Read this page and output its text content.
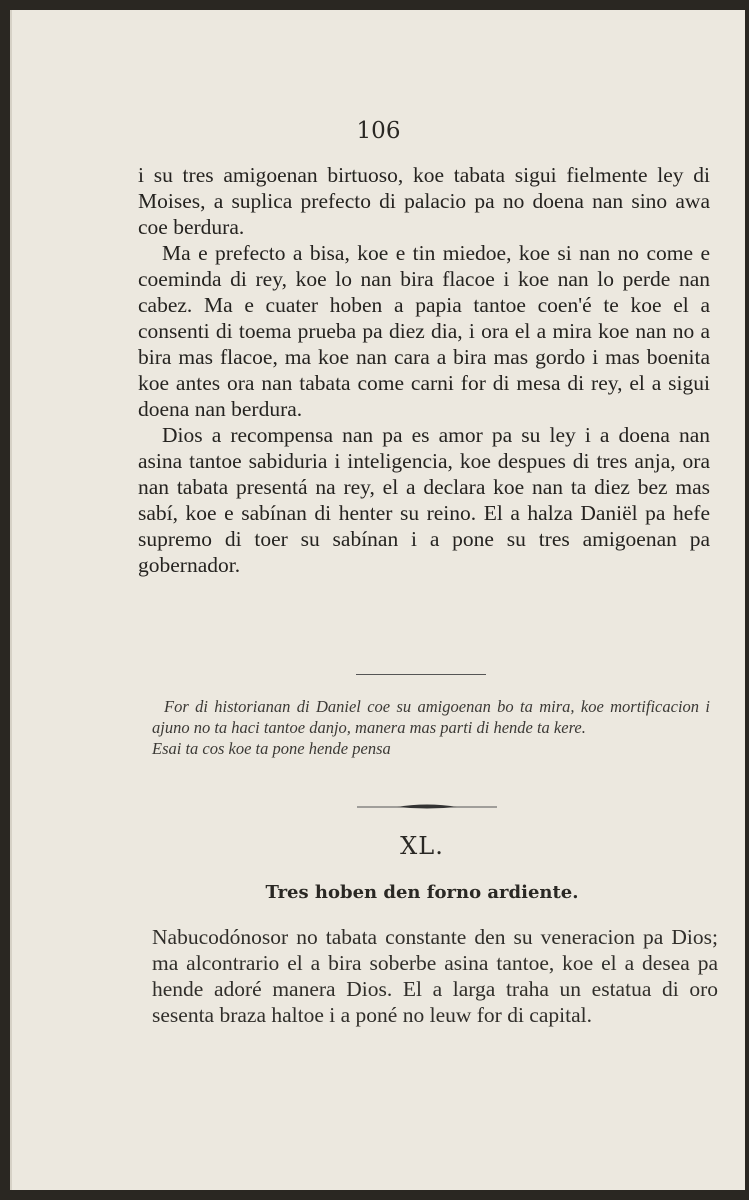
106

i su tres amigoenan birtuoso, koe tabata sigui fielmente ley di Moises, a suplica prefecto di palacio pa no doena nan sino awa coe berdura.

Ma e prefecto a bisa, koe e tin miedoe, koe si nan no come e coeminda di rey, koe lo nan bira flacoe i koe nan lo perde nan cabez. Ma e cuater hoben a papia tantoe coen'é te koe el a consenti di toema prueba pa diez dia, i ora el a mira koe nan no a bira mas flacoe, ma koe nan cara a bira mas gordo i mas boenita koe antes ora nan tabata come carni for di mesa di rey, el a sigui doena nan berdura.

Dios a recompensa nan pa es amor pa su ley i a doena nan asina tantoe sabiduria i inteligencia, koe despues di tres anja, ora nan tabata presentá na rey, el a declara koe nan ta diez bez mas sabí, koe e sabínan di henter su reino. El a halza Daniël pa hefe supremo di toer su sabínan i a pone su tres amigoenan pa gobernador.

For di historianan di Daniel coe su amigoenan bo ta mira, koe mortificacion i ajuno no ta haci tantoe danjo, manera mas parti di hende ta kere.

Esai ta cos koe ta pone hende pensa

XL.
Tres hoben den forno ardiente.

Nabucodónosor no tabata constante den su veneracion pa Dios; ma alcontrario el a bira soberbe asina tantoe, koe el a desea pa hende adoré manera Dios. El a larga traha un estatua di oro sesenta braza haltoe i a poné no leuw for di capital.
